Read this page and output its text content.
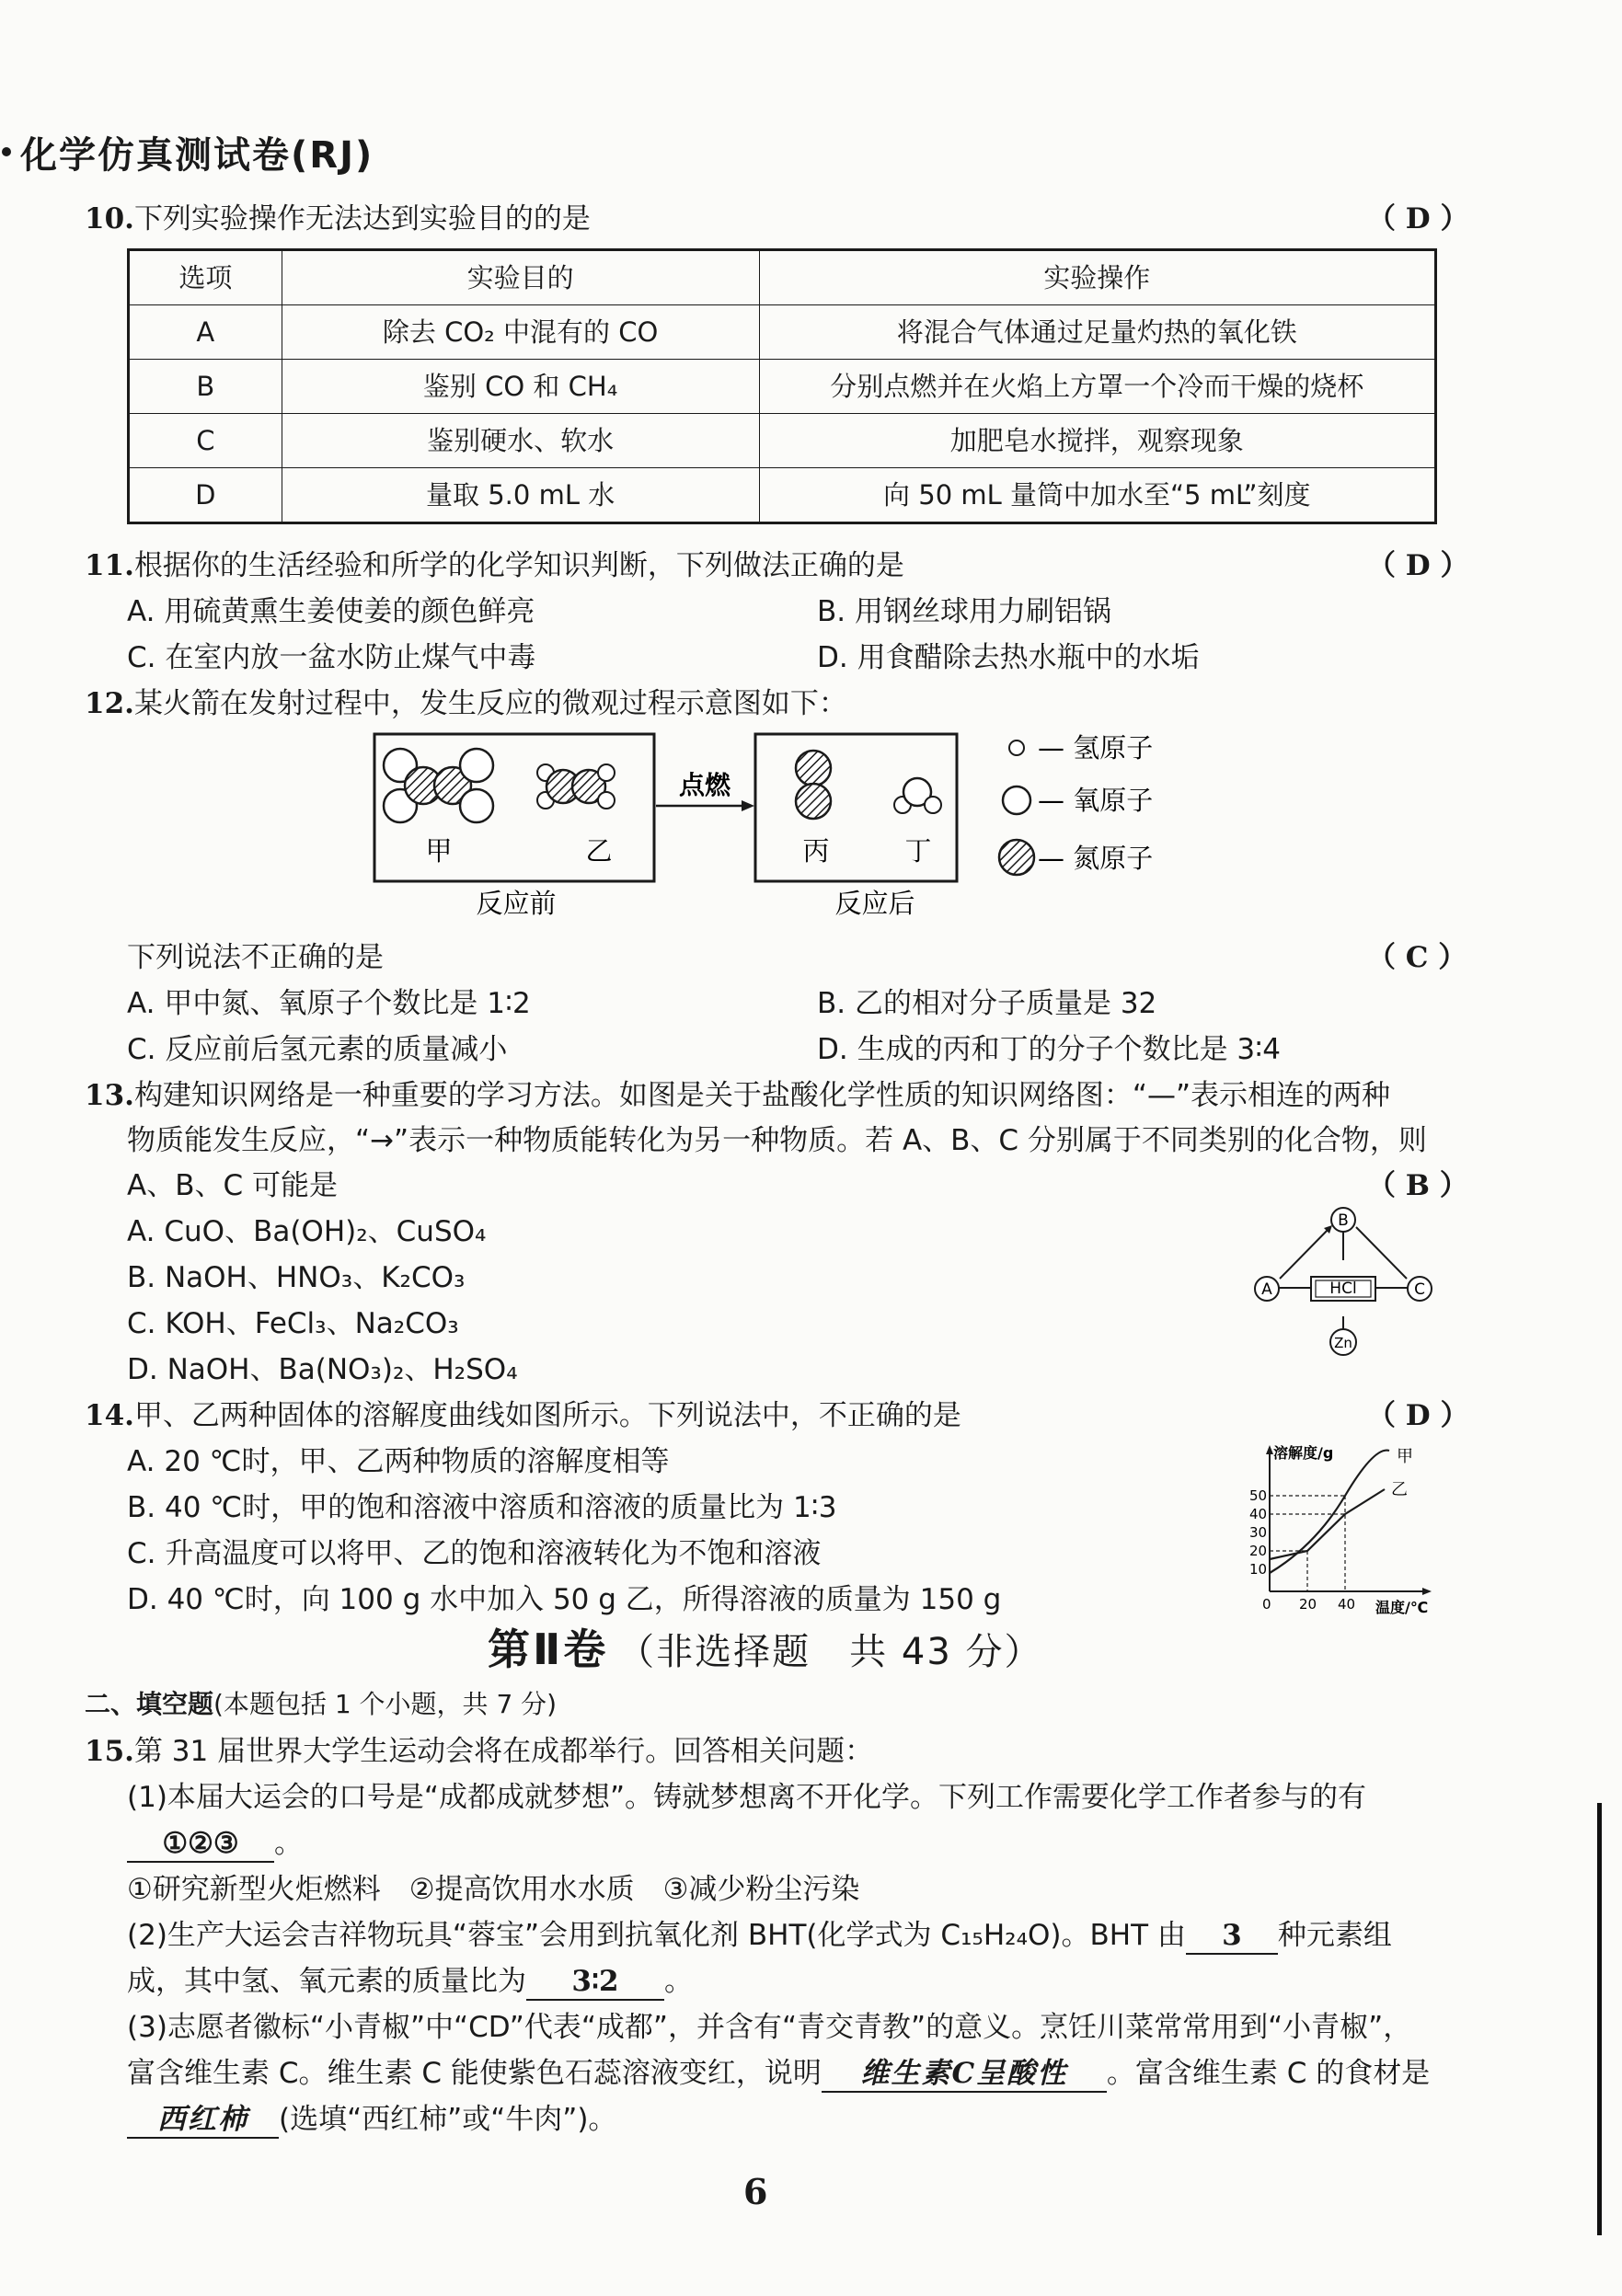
化学仿真测试卷(RJ)
10.下列实验操作无法达到实验目的的是	（ D ）
选项	实验目的	实验操作
A	除去 CO₂ 中混有的 CO	将混合气体通过足量灼热的氧化铁
B	鉴别 CO 和 CH₄	分别点燃并在火焰上方罩一个冷而干燥的烧杯
C	鉴别硬水、软水	加肥皂水搅拌，观察现象
D	量取 5.0 mL 水	向 50 mL 量筒中加水至“5 mL”刻度
11.根据你的生活经验和所学的化学知识判断，下列做法正确的是	（ D ）
A. 用硫黄熏生姜使姜的颜色鲜亮	B. 用钢丝球用力刷铝锅
C. 在室内放一盆水防止煤气中毒	D. 用食醋除去热水瓶中的水垢
12.某火箭在发射过程中，发生反应的微观过程示意图如下：
甲	乙
点燃
丙	丁
反应前	反应后
— 氢原子
— 氧原子
— 氮原子
下列说法不正确的是	（ C ）
A. 甲中氮、氧原子个数比是 1∶2	B. 乙的相对分子质量是 32
C. 反应前后氢元素的质量减小	D. 生成的丙和丁的分子个数比是 3∶4
13.构建知识网络是一种重要的学习方法。如图是关于盐酸化学性质的知识网络图：“—”表示相连的两种
物质能发生反应，“→”表示一种物质能转化为另一种物质。若 A、B、C 分别属于不同类别的化合物，则
A、B、C 可能是	（ B ）
A. CuO、Ba(OH)₂、CuSO₄
B. NaOH、HNO₃、K₂CO₃
C. KOH、FeCl₃、Na₂CO₃
D. NaOH、Ba(NO₃)₂、H₂SO₄
HCl
B
A	C
Zn
14.甲、乙两种固体的溶解度曲线如图所示。下列说法中，不正确的是	（ D ）
A. 20 ℃时，甲、乙两种物质的溶解度相等
B. 40 ℃时，甲的饱和溶液中溶质和溶液的质量比为 1∶3
C. 升高温度可以将甲、乙的饱和溶液转化为不饱和溶液
D. 40 ℃时，向 100 g 水中加入 50 g 乙，所得溶液的质量为 150 g
溶解度/g
温度/℃
50
40
30
20
10
0 20 40
甲
乙
第Ⅱ卷 （非选择题　共 43 分）
二、填空题(本题包括 1 个小题，共 7 分)
15.第 31 届世界大学生运动会将在成都举行。回答相关问题：
(1)本届大运会的口号是“成都成就梦想”。铸就梦想离不开化学。下列工作需要化学工作者参与的有
①②③ 。
①研究新型火炬燃料　②提高饮用水水质　③减少粉尘污染
(2)生产大运会吉祥物玩具“蓉宝”会用到抗氧化剂 BHT(化学式为 C₁₅H₂₄O)。BHT 由 3 种元素组
成，其中氢、氧元素的质量比为 3∶2 。
(3)志愿者徽标“小青椒”中“CD”代表“成都”，并含有“青交青教”的意义。烹饪川菜常常用到“小青椒”，
富含维生素 C。维生素 C 能使紫色石蕊溶液变红，说明 维生素C呈酸性 。富含维生素 C 的食材是
西红柿 (选填“西红柿”或“牛肉”)。
6
